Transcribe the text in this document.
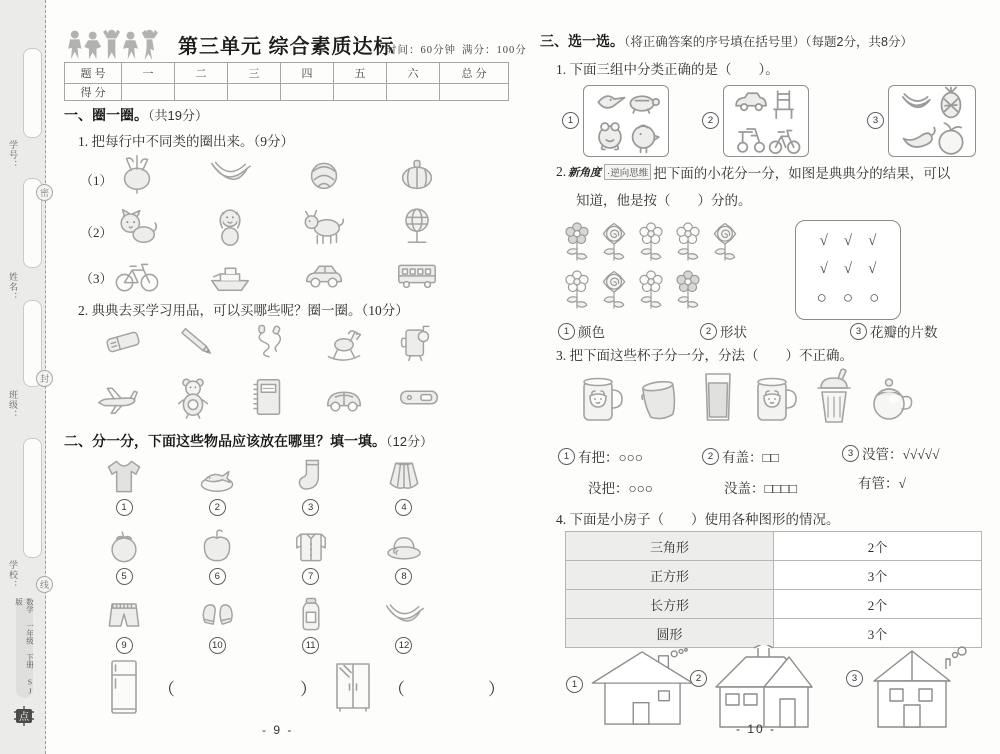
学号：
密
姓名：
封
班级：
学校：	线
数学 一年级 下册 SJ版
点
第三单元 综合素质达标
时间：60分钟 满分：100分
题 号	一	二	三	四	五	六	总 分
得 分							
一、圈一圈。（共19分）
1. 把每行中不同类的圈出来。（9分）
（1）
（2）
（3）
2. 典典去买学习用品，可以买哪些呢？圈一圈。（10分）
二、分一分，下面这些物品应该放在哪里？填一填。（12分）
1	2	3	4
5	6	7	8
9	10	11	12
（	）	（	）
- 9 -
三、选一选。（将正确答案的序号填在括号里）（每题2分，共8分）
1. 下面三组中分类正确的是（　　）。
1	2	3
2. 新角度 ·逆向思维 把下面的小花分一分，如图是典典分的结果，可以
知道，他是按（　　）分的。
√√√
√√√
○○○
1 颜色	2 形状	3 花瓣的片数
3. 把下面这些杯子分一分，分法（　　）不正确。
1 有把：○○○	2 有盖：□□	3 没管：√√√√√
没把：○○○	没盖：□□□□	有管：√
4. 下面是小房子（　　）使用各种图形的情况。
三角形	2个
正方形	3个
长方形	2个
圆形	3个
1
2	3
- 10 -
